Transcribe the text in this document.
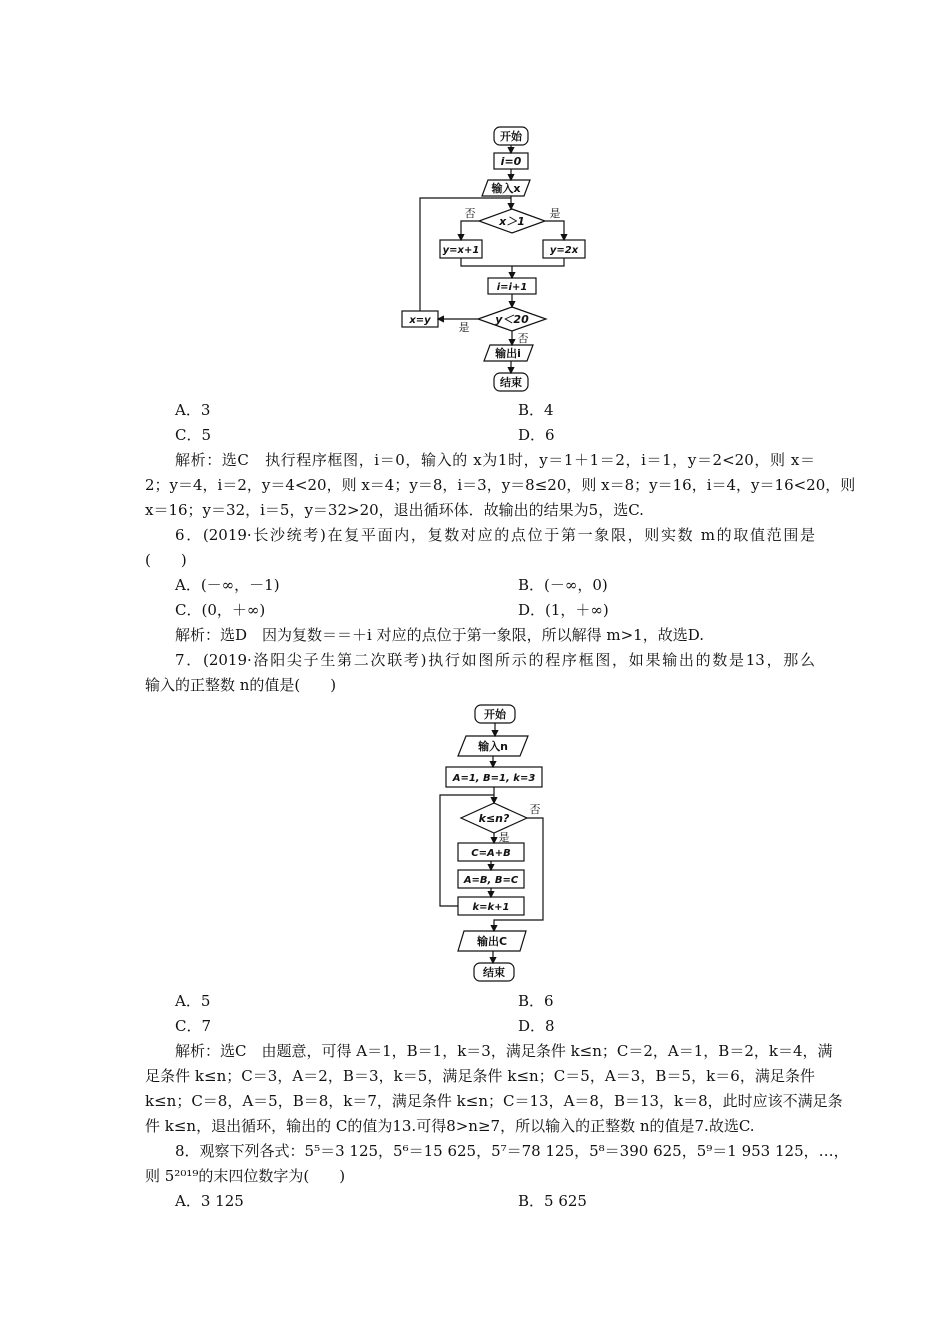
开始
i=0
输入x
x＞1
否	是
y=x+1	y=2x
i=i+1
y＜20
是
否
x=y
输出i
结束
A．3	B．4
C．5	D．6
解析：选C　执行程序框图，i＝0，输入的 x为1时，y＝1＋1＝2，i＝1，y＝2<20，则 x＝
2；y＝4，i＝2，y＝4<20，则 x＝4；y＝8，i＝3，y＝8≤20，则 x＝8；y＝16，i＝4，y＝16<20，则
x＝16；y＝32，i＝5，y＝32>20，退出循环体．故输出的结果为5，选C.
6．(2019·长沙统考)在复平面内，复数对应的点位于第一象限，则实数 m的取值范围是
(　　)
A．(－∞，－1)	B．(－∞，0)
C．(0，＋∞)	D．(1，＋∞)
解析：选D　因为复数＝＝＋i 对应的点位于第一象限，所以解得 m>1，故选D.
7．(2019·洛阳尖子生第二次联考)执行如图所示的程序框图，如果输出的数是13，那么
输入的正整数 n的值是(　　)
开始
输入n
A=1, B=1, k=3
k≤n?
否
是
C=A+B
A=B, B=C
k=k+1
输出C
结束
A．5	B．6
C．7	D．8
解析：选C　由题意，可得 A＝1，B＝1，k＝3，满足条件 k≤n；C＝2，A＝1，B＝2，k＝4，满
足条件 k≤n；C＝3，A＝2，B＝3，k＝5，满足条件 k≤n；C＝5，A＝3，B＝5，k＝6，满足条件
k≤n；C＝8，A＝5，B＝8，k＝7，满足条件 k≤n；C＝13，A＝8，B＝13，k＝8，此时应该不满足条
件 k≤n，退出循环，输出的 C的值为13.可得8>n≥7，所以输入的正整数 n的值是7.故选C.
8．观察下列各式：5⁵＝3 125，5⁶＝15 625，5⁷＝78 125，5⁸＝390 625，5⁹＝1 953 125，…，
则 5²⁰¹⁹的末四位数字为(　　)
A．3 125	B．5 625
